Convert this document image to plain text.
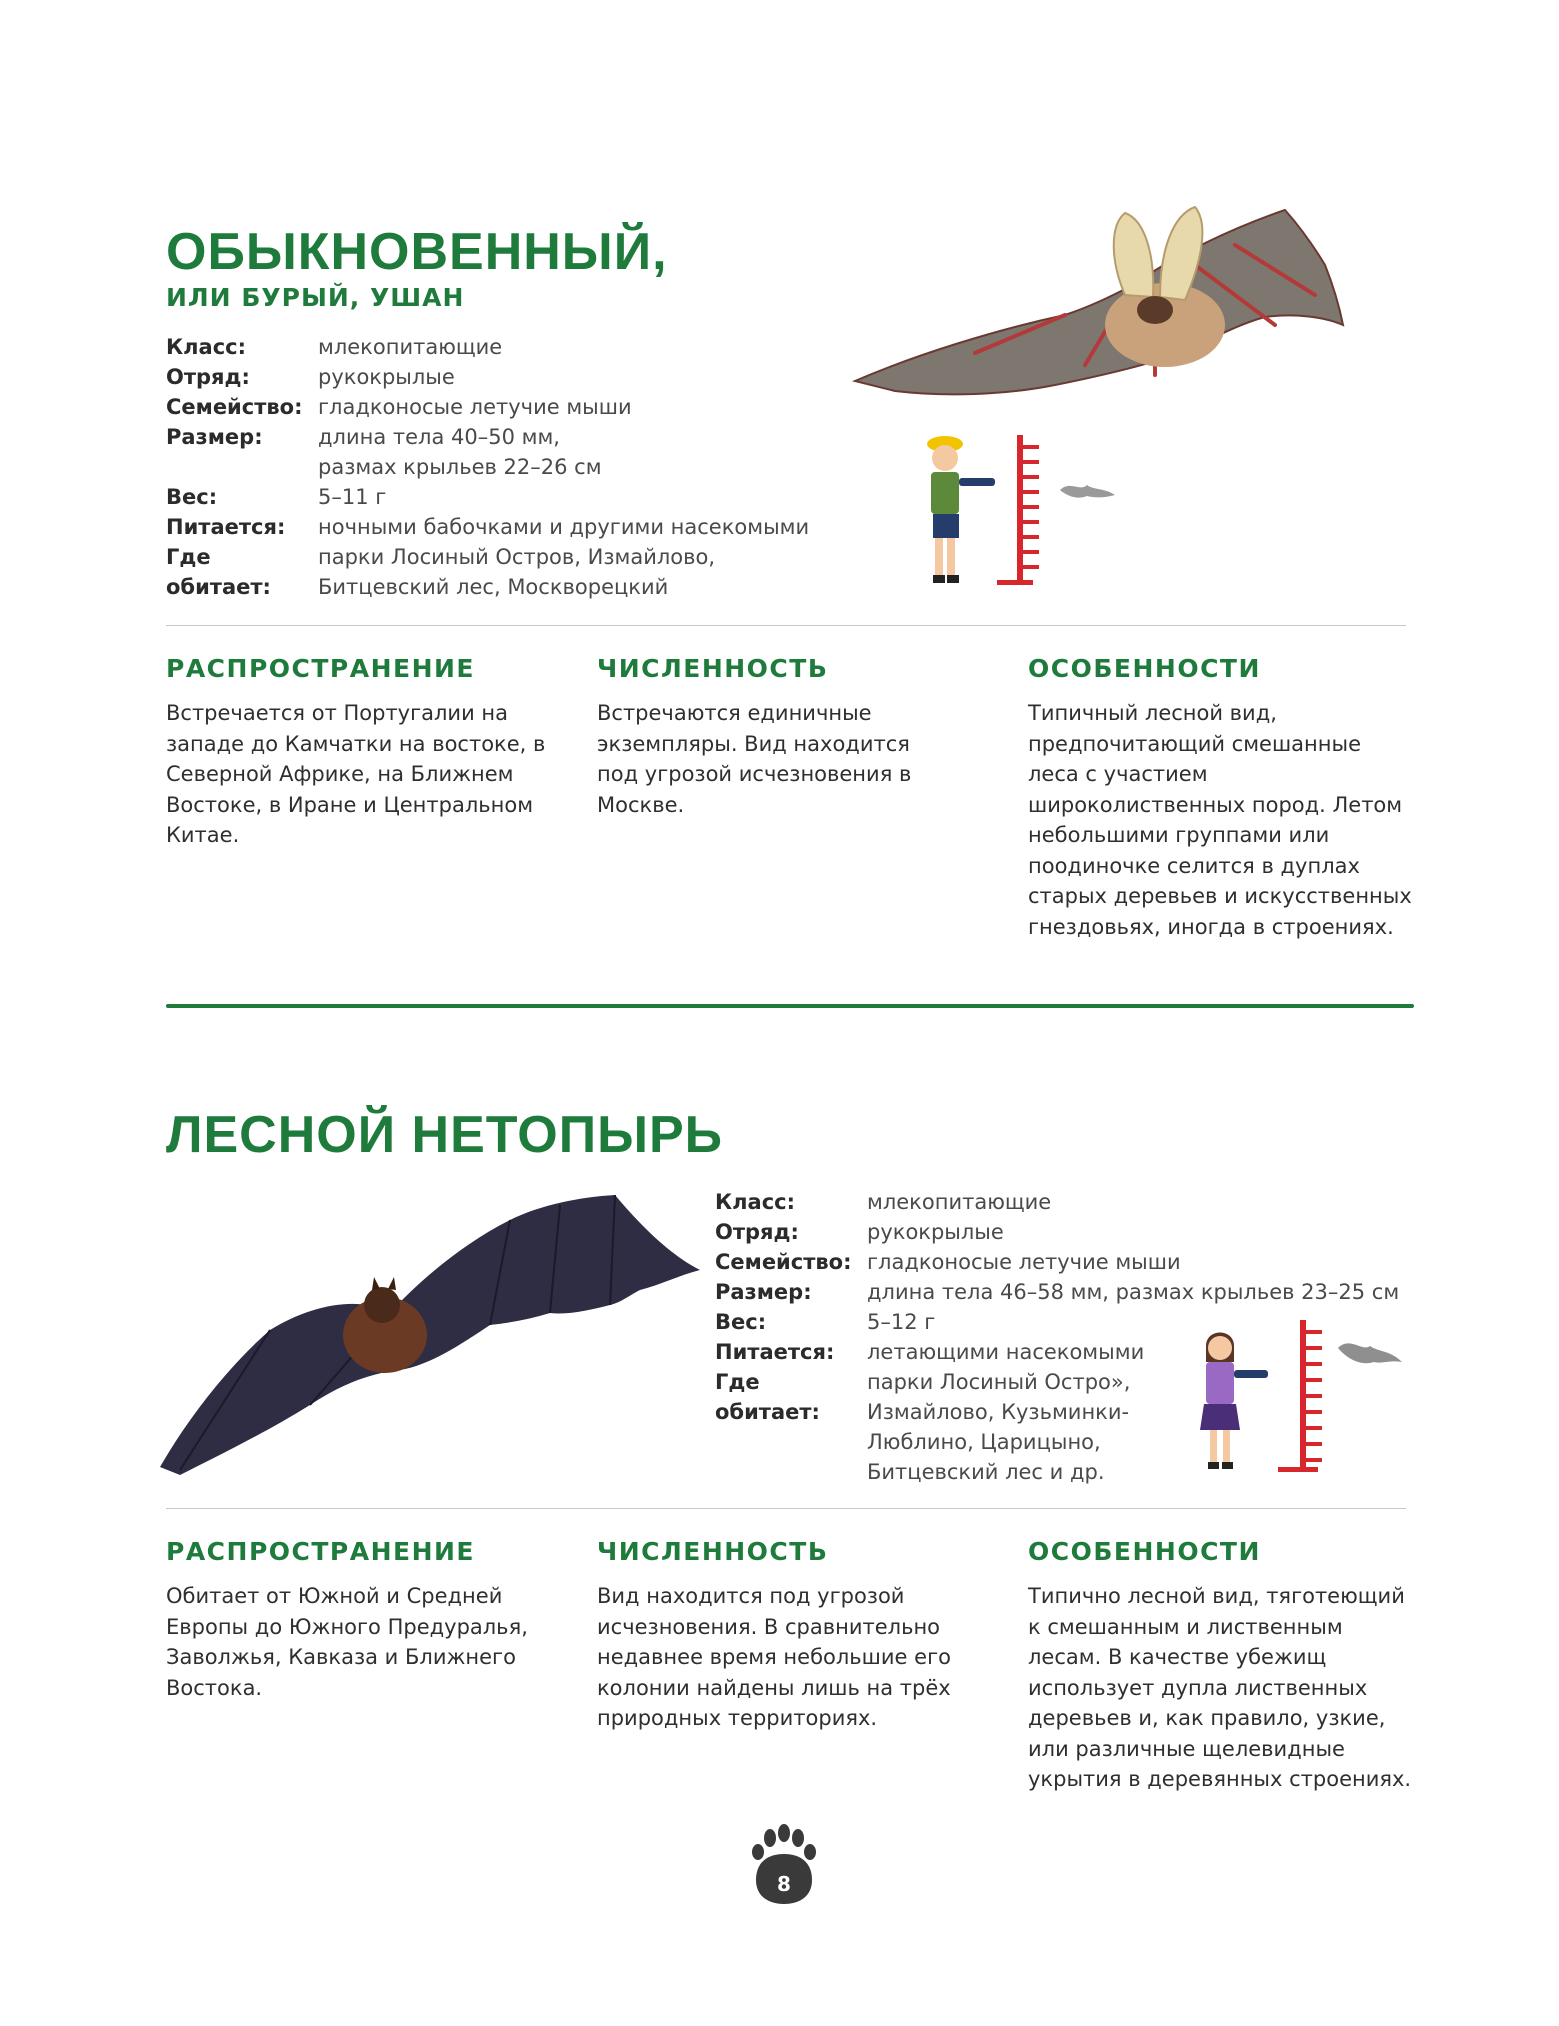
ОБЫКНОВЕННЫЙ,
ИЛИ БУРЫЙ, УШАН
Класс:	млекопитающие
Отряд:	рукокрылые
Семейство: гладконосые летучие мыши
Размер:	длина тела 40–50 мм,
размах крыльев 22–26 см
Вес:	5–11 г
Питается:	ночными бабочками и другими насекомыми
Где обитает:
парки Лосиный Остров, Измайлово,
Битцевский лес, Москворецкий
РАСПРОСТРАНЕНИЕ	ЧИСЛЕННОСТЬ	ОСОБЕННОСТИ
Встречается от Португалии на западе до Камчатки на востоке, в Северной Африке, на Ближнем Востоке, в Иране и Центральном Китае.
Встречаются единичные экземпляры. Вид находится под угрозой исчезновения в Москве.
Типичный лесной вид, предпочитающий смешанные леса с участием широколиственных пород. Летом небольшими группами или поодиночке селится в дуплах старых деревьев и искусственных гнездовьях, иногда в строениях.
ЛЕСНОЙ НЕТОПЫРЬ
Класс:	млекопитающие
Отряд:	рукокрылые
Семейство: гладконосые летучие мыши
Размер:	длина тела 46–58 мм, размах крыльев 23–25 см
Вес:	5–12 г
Питается:	летающими насекомыми
Где обитает:
парки Лосиный Остро»,
Измайлово, Кузьминки-
Люблино, Царицыно,
Битцевский лес и др.
РАСПРОСТРАНЕНИЕ	ЧИСЛЕННОСТЬ	ОСОБЕННОСТИ
Обитает от Южной и Средней Европы до Южного Предуралья, Заволжья, Кавказа и Ближнего Востока.
Вид находится под угрозой исчезновения. В сравнительно недавнее время небольшие его колонии найдены лишь на трёх природных территориях.
Типично лесной вид, тяготеющий к смешанным и лиственным лесам. В качестве убежищ использует дупла лиственных деревьев и, как правило, узкие, или различные щелевидные укрытия в деревянных строениях.
8
